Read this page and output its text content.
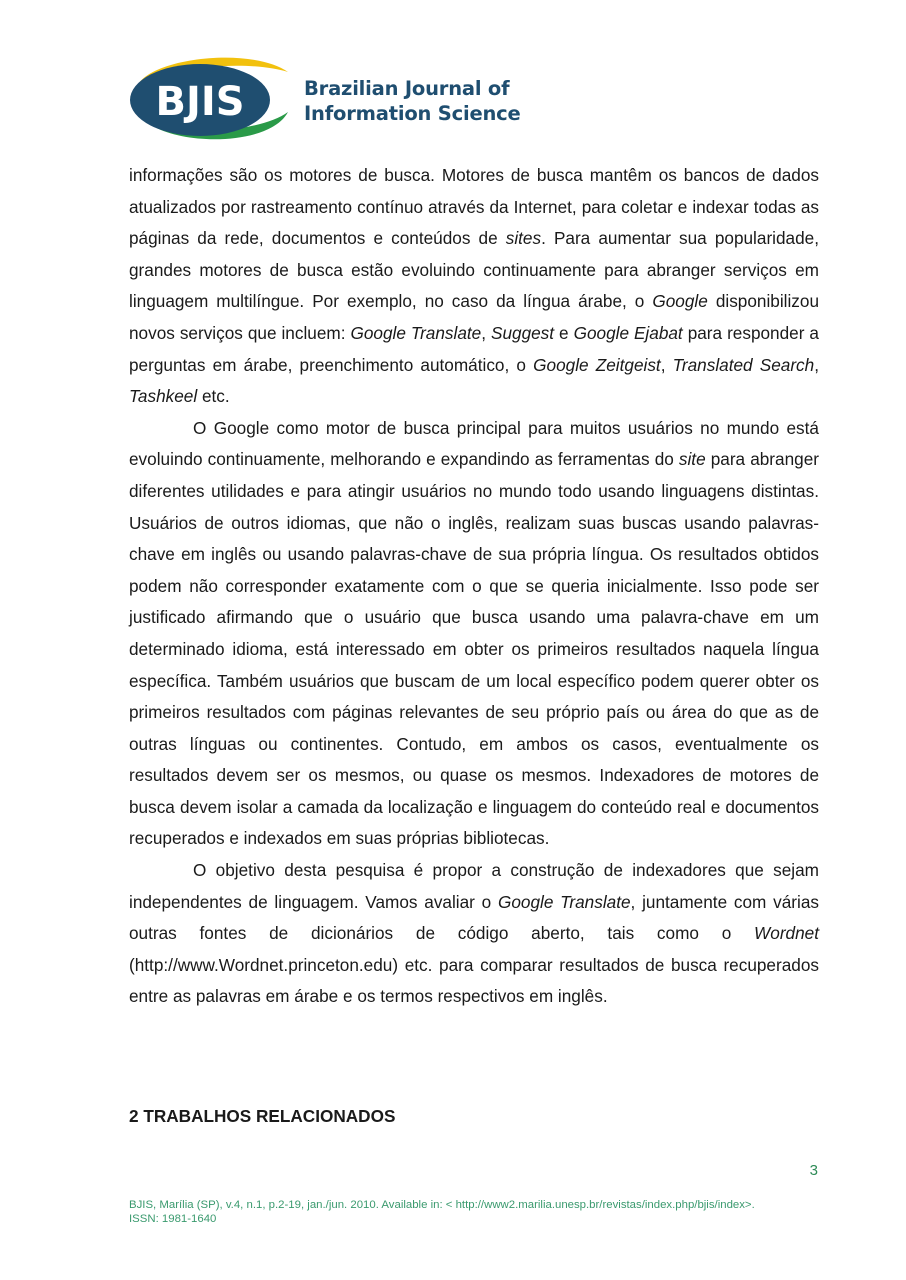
BJIS	Brazilian Journal of
Information Science

informações são os motores de busca. Motores de busca mantêm os bancos de dados atualizados por rastreamento contínuo através da Internet, para coletar e indexar todas as páginas da rede, documentos e conteúdos de sites. Para aumentar sua popularidade, grandes motores de busca estão evoluindo continuamente para abranger serviços em linguagem multilíngue. Por exemplo, no caso da língua árabe, o Google disponibilizou novos serviços que incluem: Google Translate, Suggest e Google Ejabat para responder a perguntas em árabe, preenchimento automático, o Google Zeitgeist, Translated Search, Tashkeel etc.

O Google como motor de busca principal para muitos usuários no mundo está evoluindo continuamente, melhorando e expandindo as ferramentas do site para abranger diferentes utilidades e para atingir usuários no mundo todo usando linguagens distintas. Usuários de outros idiomas, que não o inglês, realizam suas buscas usando palavras-chave em inglês ou usando palavras-chave de sua própria língua. Os resultados obtidos podem não corresponder exatamente com o que se queria inicialmente. Isso pode ser justificado afirmando que o usuário que busca usando uma palavra-chave em um determinado idioma, está interessado em obter os primeiros resultados naquela língua específica. Também usuários que buscam de um local específico podem querer obter os primeiros resultados com páginas relevantes de seu próprio país ou área do que as de outras línguas ou continentes. Contudo, em ambos os casos, eventualmente os resultados devem ser os mesmos, ou quase os mesmos. Indexadores de motores de busca devem isolar a camada da localização e linguagem do conteúdo real e documentos recuperados e indexados em suas próprias bibliotecas.

O objetivo desta pesquisa é propor a construção de indexadores que sejam independentes de linguagem. Vamos avaliar o Google Translate, juntamente com várias outras fontes de dicionários de código aberto, tais como o Wordnet (http://www.Wordnet.princeton.edu) etc. para comparar resultados de busca recuperados entre as palavras em árabe e os termos respectivos em inglês.

2 TRABALHOS RELACIONADOS
3
BJIS, Marília (SP), v.4, n.1, p.2-19, jan./jun. 2010. Available in: < http://www2.marilia.unesp.br/revistas/index.php/bjis/index>.
ISSN: 1981-1640
